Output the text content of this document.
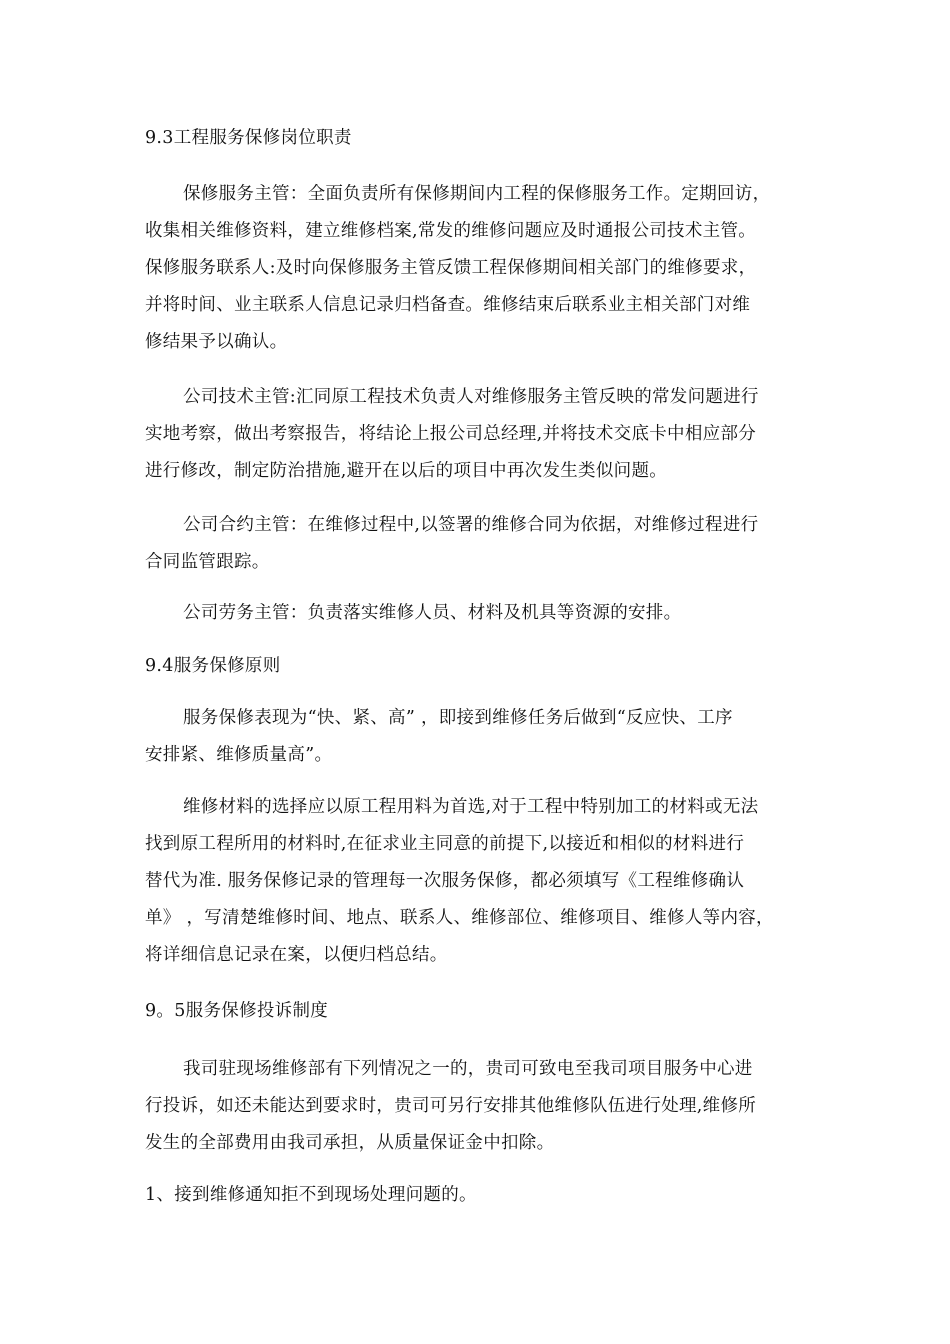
9.3工程服务保修岗位职责
保修服务主管：全面负责所有保修期间内工程的保修服务工作。定期回访，
收集相关维修资料，建立维修档案,常发的维修问题应及时通报公司技术主管。
保修服务联系人:及时向保修服务主管反馈工程保修期间相关部门的维修要求，
并将时间、业主联系人信息记录归档备查。维修结束后联系业主相关部门对维
修结果予以确认。
公司技术主管:汇同原工程技术负责人对维修服务主管反映的常发问题进行
实地考察，做出考察报告，将结论上报公司总经理,并将技术交底卡中相应部分
进行修改，制定防治措施,避开在以后的项目中再次发生类似问题。
公司合约主管：在维修过程中,以签署的维修合同为依据，对维修过程进行
合同监管跟踪。
公司劳务主管：负责落实维修人员、材料及机具等资源的安排。
9.4服务保修原则
服务保修表现为“快、紧、高” ，即接到维修任务后做到“反应快、工序
安排紧、维修质量高”。
维修材料的选择应以原工程用料为首选,对于工程中特别加工的材料或无法
找到原工程所用的材料时,在征求业主同意的前提下,以接近和相似的材料进行
替代为准. 服务保修记录的管理每一次服务保修，都必须填写《工程维修确认
单》 ，写清楚维修时间、地点、联系人、维修部位、维修项目、维修人等内容，
将详细信息记录在案，以便归档总结。
9。5服务保修投诉制度
我司驻现场维修部有下列情况之一的，贵司可致电至我司项目服务中心进
行投诉，如还未能达到要求时，贵司可另行安排其他维修队伍进行处理,维修所
发生的全部费用由我司承担，从质量保证金中扣除。
1、接到维修通知拒不到现场处理问题的。
